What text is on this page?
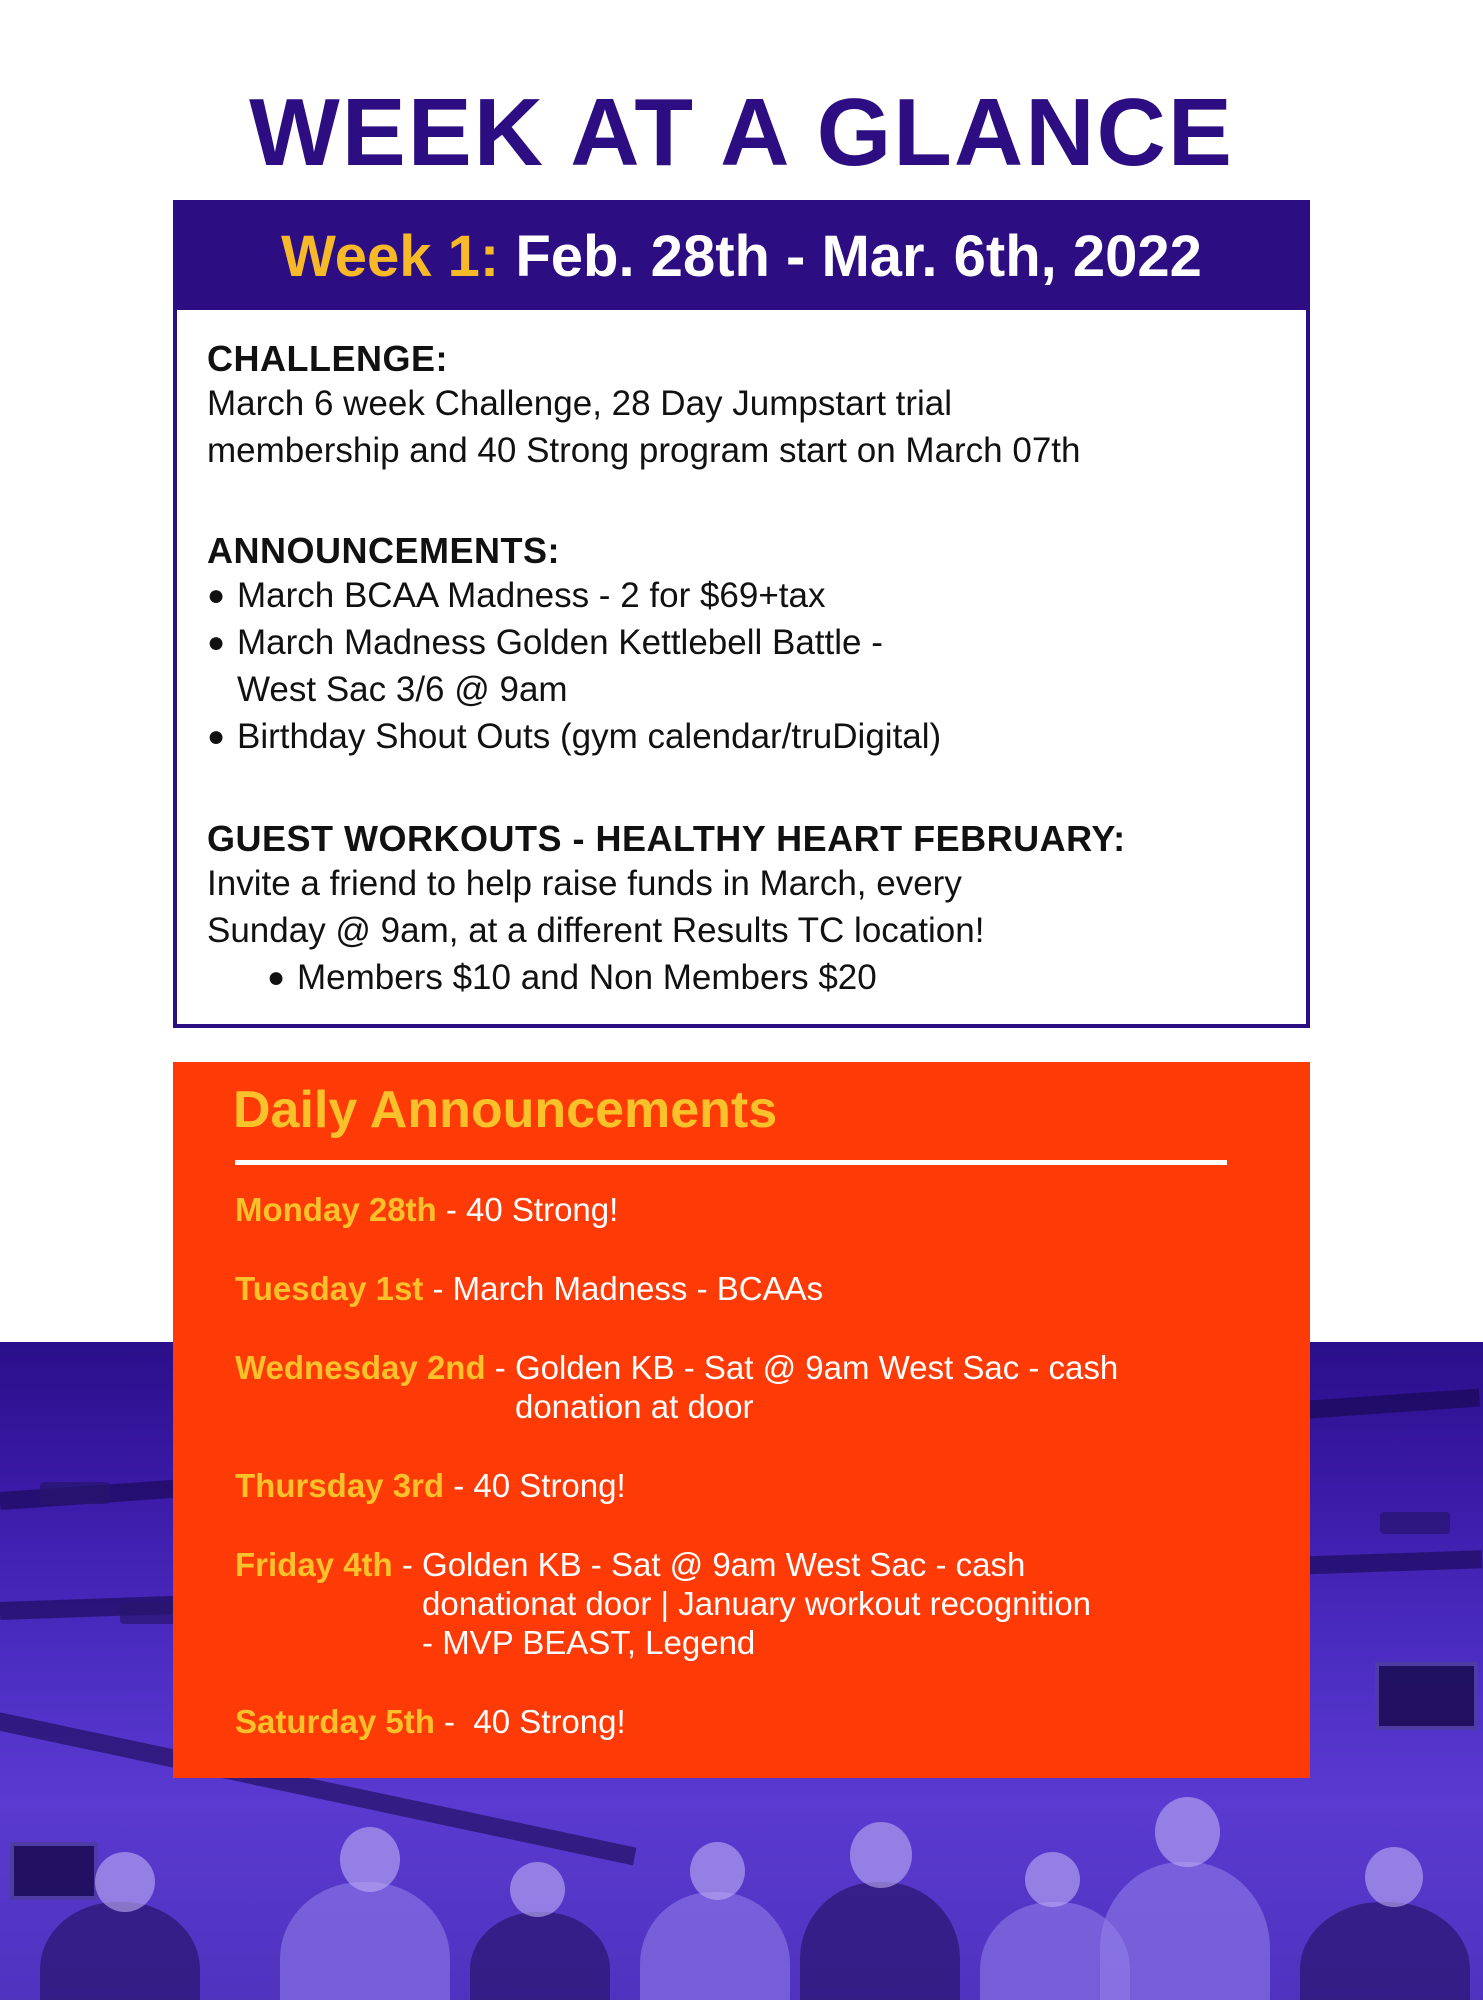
WEEK AT A GLANCE
Week 1: Feb. 28th - Mar. 6th, 2022
CHALLENGE:
March 6 week Challenge, 28 Day Jumpstart trial
membership and 40 Strong program start on March 07th
ANNOUNCEMENTS:
● March BCAA Madness - 2 for $69+tax
● March Madness Golden Kettlebell Battle -
West Sac 3/6 @ 9am
● Birthday Shout Outs (gym calendar/truDigital)
GUEST WORKOUTS - HEALTHY HEART FEBRUARY:
Invite a friend to help raise funds in March, every
Sunday @ 9am, at a different Results TC location!
● Members $10 and Non Members $20
Daily Announcements
Monday 28th - 40 Strong!
Tuesday 1st - March Madness - BCAAs
Wednesday 2nd - Golden KB - Sat @ 9am West Sac - cash
donation at door
Thursday 3rd - 40 Strong!
Friday 4th - Golden KB - Sat @ 9am West Sac - cash
donationat door | January workout recognition
- MVP BEAST, Legend
Saturday 5th - 40 Strong!
